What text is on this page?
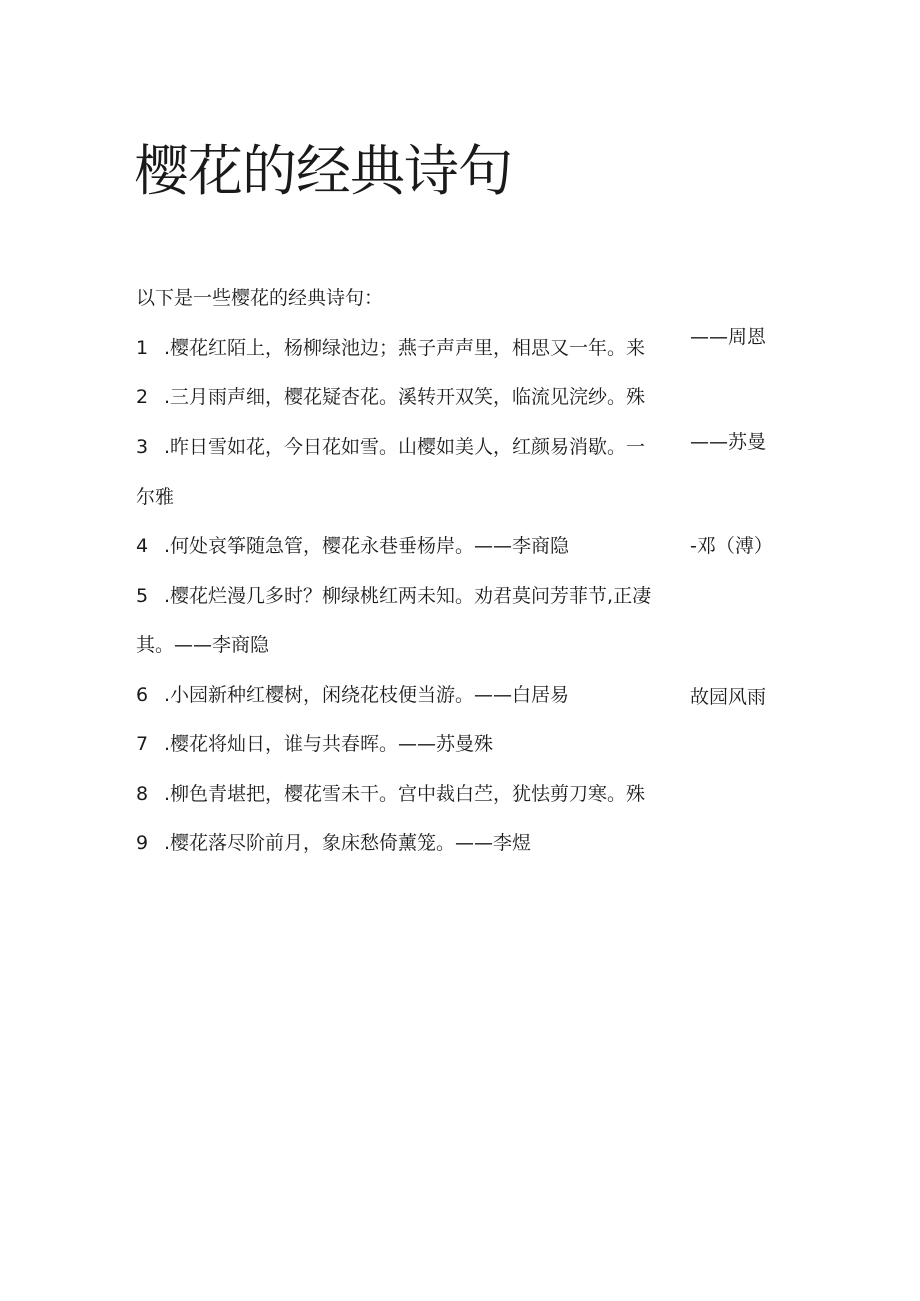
樱花的经典诗句
以下是一些樱花的经典诗句：
1 .樱花红陌上，杨柳绿池边；燕子声声里，相思又一年。来
2 .三月雨声细，樱花疑杏花。溪转开双笑，临流见浣纱。殊
3 .昨日雪如花，今日花如雪。山樱如美人，红颜易消歇。一
尔雅
4 .何处哀筝随急管，樱花永巷垂杨岸。——李商隐
5 .樱花烂漫几多时？柳绿桃红两未知。劝君莫问芳菲节,正凄
其。——李商隐
6 .小园新种红樱树，闲绕花枝便当游。——白居易
7 .樱花将灿日，谁与共春晖。——苏曼殊
8 .柳色青堪把，樱花雪未干。宫中裁白苎，犹怯剪刀寒。殊
9 .樱花落尽阶前月，象床愁倚薰笼。——李煜
——周恩
——苏曼
-邓（溥）
故园风雨
